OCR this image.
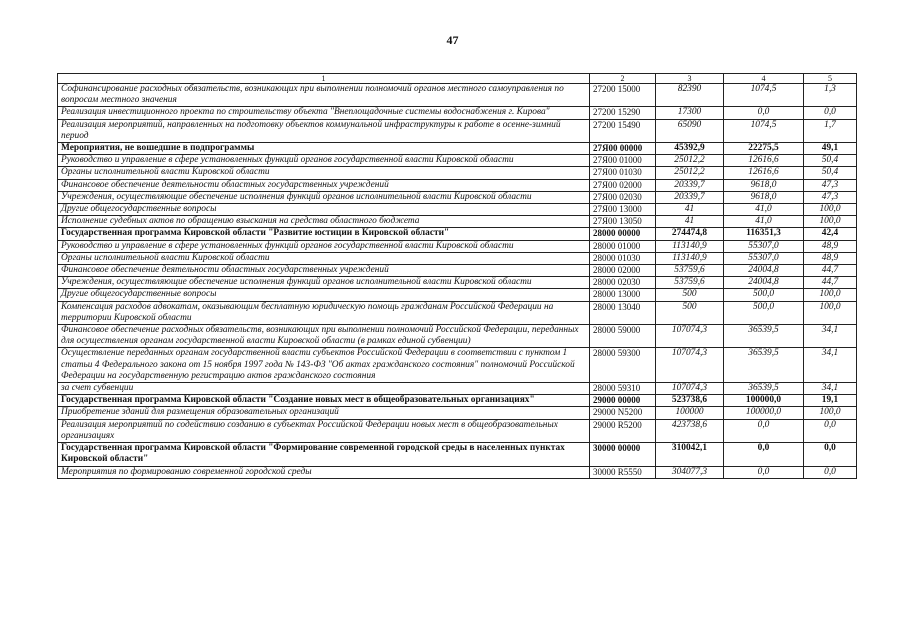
47
1	2	3	4	5
Софинансирование расходных обязательств, возникающих при выполнении полномочий органов местного самоуправления по вопросам местного значения	27200 15000	82390	1074,5	1,3
Реализация инвестиционного проекта по строительству объекта "Внеплощадочные системы водоснабжения г. Кирова"	27200 15290	17300	0,0	0,0
Реализация мероприятий, направленных на подготовку объектов коммунальной инфраструктуры к работе в осенне-зимний период	27200 15490	65090	1074,5	1,7
Мероприятия, не вошедшие в подпрограммы	27Я00 00000	45392,9	22275,5	49,1
Руководство и управление в сфере установленных функций органов государственной власти Кировской области	27Я00 01000	25012,2	12616,6	50,4
Органы исполнительной власти Кировской области	27Я00 01030	25012,2	12616,6	50,4
Финансовое обеспечение деятельности областных государственных учреждений	27Я00 02000	20339,7	9618,0	47,3
Учреждения, осуществляющие обеспечение исполнения функций органов исполнительной власти Кировской области	27Я00 02030	20339,7	9618,0	47,3
Другие общегосударственные вопросы	27Я00 13000	41	41,0	100,0
Исполнение судебных актов по обращению взыскания на средства областного бюджета	27Я00 13050	41	41,0	100,0
Государственная программа Кировской области "Развитие юстиции в Кировской области"	28000 00000	274474,8	116351,3	42,4
Руководство и управление в сфере установленных функций органов государственной власти Кировской области	28000 01000	113140,9	55307,0	48,9
Органы исполнительной власти Кировской области	28000 01030	113140,9	55307,0	48,9
Финансовое обеспечение деятельности областных государственных учреждений	28000 02000	53759,6	24004,8	44,7
Учреждения, осуществляющие обеспечение исполнения функций органов исполнительной власти Кировской области	28000 02030	53759,6	24004,8	44,7
Другие общегосударственные вопросы	28000 13000	500	500,0	100,0
Компенсация расходов адвокатам, оказывающим бесплатную юридическую помощь гражданам Российской Федерации на территории Кировской области	28000 13040	500	500,0	100,0
Финансовое обеспечение расходных обязательств, возникающих при выполнении полномочий Российской Федерации, переданных для осуществления органам государственной власти Кировской области (в рамках единой субвенции)	28000 59000	107074,3	36539,5	34,1
Осуществление переданных органам государственной власти субъектов Российской Федерации в соответствии с пунктом 1 статьи 4 Федерального закона от 15 ноября 1997 года № 143-ФЗ "Об актах гражданского состояния" полномочий Российской Федерации на государственную регистрацию актов гражданского состояния	28000 59300	107074,3	36539,5	34,1
за счет субвенции	28000 59310	107074,3	36539,5	34,1
Государственная программа Кировской области "Создание новых мест в общеобразовательных организациях"	29000 00000	523738,6	100000,0	19,1
Приобретение зданий для размещения образовательных организаций	29000 N5200	100000	100000,0	100,0
Реализация мероприятий по содействию созданию в субъектах Российской Федерации новых мест в общеобразовательных организациях	29000 R5200	423738,6	0,0	0,0
Государственная программа Кировской области "Формирование современной городской среды в населенных пунктах Кировской области"	30000 00000	310042,1	0,0	0,0
Мероприятия по формированию современной городской среды	30000 R5550	304077,3	0,0	0,0
